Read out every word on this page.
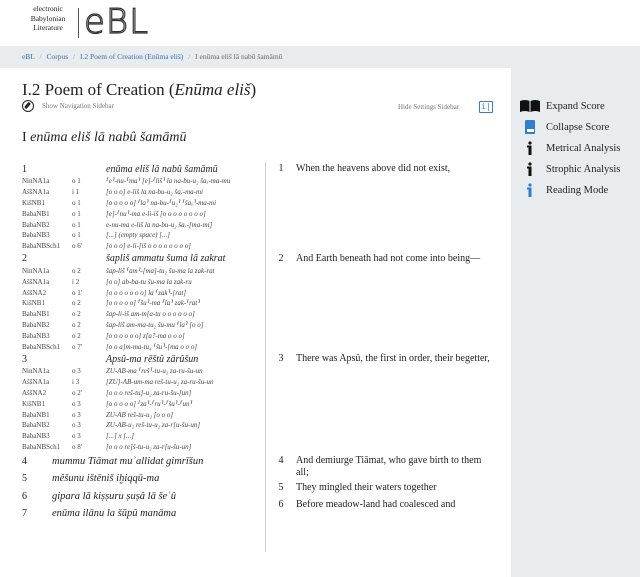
electronic
Babylonian
Literature eBL
eBL / Corpus / I.2 Poem of Creation (Enūma eliš) / I enūma eliš lā nabû šamāmū
I.2 Poem of Creation (Enūma eliš)
Show Navigation Sidebar	Hide Settings Sidebar	i|
I enūma eliš lā nabû šamāmū
1	enūma eliš lā nabû šamāmū
NinNA1a	o 1	⸢e⸣-nu-⸢ma⸣ [e]-⸢liš⸣ la na-bu-u₂ šaₓ-ma-mu
AššNA1a	i 1	[o o o] e-liš la na-bu-u₂ šaₓ-ma-mi
KišNB1	o 1	[o o o o o] ⸢la⸣ na-bu-⸢u₂⸣ ⸢šaₓ⸣-ma-mi
BabaNB1	o 1	[e]-⸢nu⸣-ma e-li-iš [o o o o o o o o]
BabaNB2	o 1	e-nu-ma e-liš la na-bu-u₂ šaₓ-[ma-mi]
BabaNB3	o 1	[...] (empty space) [...]
BabaNBSch1	o 6'	[o o o] e-li-[iš o o o o o o o o]
2	šapliš ammatu šuma lā zakrat
NinNA1a	o 2	šap-liš ⸢am⸣-[ma]-tu₂ šu-ma la zak-rat
AššNA1a	i 2	[o o] ab-ba-tu šu-ma la zak-ru
AššNA2	o 1'	[o o o o o o o] la ⸢zak⸣-[rat]
KišNB1	o 2	[o o o o o] ⸢šu⸣-ma ⸢la⸣ zak-⸢rat⸣
BabaNB1	o 2	šap-li-iš am-m[a-tu o o o o o o]
BabaNB2	o 2	šap-liš am-ma-tu₂ šu-mu ⸢la⸣ [o o]
BabaNB3	o 2	[o o o o o o] z[a?-ma o o o]
BabaNBSch1	o 7'	[o o a]m-ma-tu₄ ⸢šu⸣-[ma o o o]
3	Apsû-ma rēštû zārûšun
NinNA1a	o 3	ZU-AB-ma ⸢reš⸣-tu-u₂ za-ru-šu-un
AššNA1a	i 3	[ZU]-AB-um-ma reš-tu-u₂ za-ru-šu-un
AššNA2	o 2'	[o o o reš-tu]-u₂ za-ru-šu-[un]
KišNB1	o 3	[o o o o o] ⸢za⸣-⸢ru⸣-⸢šu⸣-⸢un⸣
BabaNB1	o 3	ZU-AB reš-tu-u₂ [o o o]
BabaNB2	o 3	ZU-AB-u₂ reš-tu-u₂ za-r[u-šu-un]
BabaNB3	o 3	[...] x [...]
BabaNBSch1	o 8'	[o o o re]š-tu-u₂ za-r[u-šu-un]
1	When the heavens above did not exist,
2	And Earth beneath had not come into being—
3	There was Apsû, the first in order, their begetter,
4	And demiurge Tiāmat, who gave birth to them all;
5	They mingled their waters together
6	Before meadow-land had coalesced and
4	mummu Tiāmat muʾallidat gimrīšun
5	mêšunu ištēniš iḫiqqū-ma
6	gipara lā kiṣṣuru ṣuṣâ lā šeʾû
7	enūma ilānu la šūpû manāma
Expand Score
Collapse Score
Metrical Analysis
Strophic Analysis
Reading Mode
